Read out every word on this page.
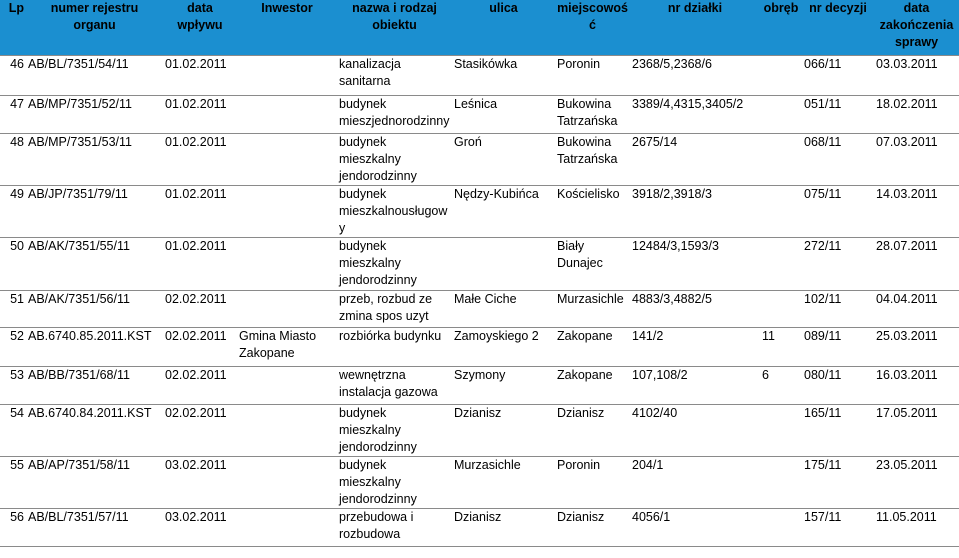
Lp	numer rejestru organu	data wpływu	Inwestor	nazwa i rodzaj obiektu	ulica	miejscowość	nr działki	obręb	nr decyzji	data zakończenia sprawy
46	AB/BL/7351/54/11	01.02.2011		kanalizacja sanitarna	Stasikówka	Poronin	2368/5,2368/6		066/11	03.03.2011
47	AB/MP/7351/52/11	01.02.2011		budynek mieszjednorodzinny	Leśnica	Bukowina Tatrzańska	3389/4,4315,3405/2		051/11	18.02.2011
48	AB/MP/7351/53/11	01.02.2011		budynek mieszkalny jendorodzinny	Groń	Bukowina Tatrzańska	2675/14		068/11	07.03.2011
49	AB/JP/7351/79/11	01.02.2011		budynek mieszkalnousługowy	Nędzy-Kubińca	Kościelisko	3918/2,3918/3		075/11	14.03.2011
50	AB/AK/7351/55/11	01.02.2011		budynek mieszkalny jendorodzinny		Biały Dunajec	12484/3,1593/3		272/11	28.07.2011
51	AB/AK/7351/56/11	02.02.2011		przeb, rozbud ze zmina spos uzyt	Małe Ciche	Murzasichle	4883/3,4882/5		102/11	04.04.2011
52	AB.6740.85.2011.KST	02.02.2011	Gmina Miasto Zakopane	rozbiórka budynku	Zamoyskiego 2	Zakopane	141/2	11	089/11	25.03.2011
53	AB/BB/7351/68/11	02.02.2011		wewnętrzna instalacja gazowa	Szymony	Zakopane	107,108/2	6	080/11	16.03.2011
54	AB.6740.84.2011.KST	02.02.2011		budynek mieszkalny jendorodzinny	Dzianisz	Dzianisz	4102/40		165/11	17.05.2011
55	AB/AP/7351/58/11	03.02.2011		budynek mieszkalny jendorodzinny	Murzasichle	Poronin	204/1		175/11	23.05.2011
56	AB/BL/7351/57/11	03.02.2011		przebudowa i rozbudowa	Dzianisz	Dzianisz	4056/1		157/11	11.05.2011
